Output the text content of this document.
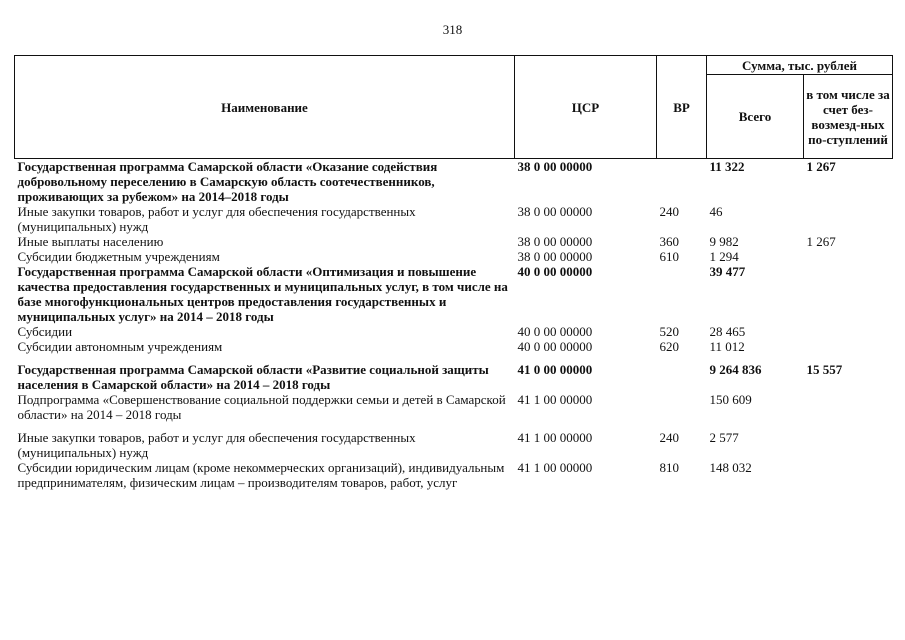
318
Наименование	ЦСР	ВР	Сумма, тыс. рублей	
			Всего	в том числе за счет без-возмезд-ных по-ступлений
Государственная программа Самарской области «Оказание содействия добровольному переселению в Самарскую область соотечественников, проживающих за рубежом» на 2014–2018 годы	38 0 00 00000		11 322	1 267
Иные закупки товаров, работ и услуг для обеспечения государственных (муниципальных) нужд	38 0 00 00000	240	46	
Иные выплаты населению	38 0 00 00000	360	9 982	1 267
Субсидии бюджетным учреждениям	38 0 00 00000	610	1 294	
Государственная программа Самарской области «Оптимизация и повышение качества предоставления государственных и муниципальных услуг, в том числе на базе многофункциональных центров предоставления государственных и муниципальных услуг» на 2014 – 2018 годы	40 0 00 00000		39 477	
Субсидии	40 0 00 00000	520	28 465	
Субсидии автономным учреждениям	40 0 00 00000	620	11 012	
Государственная программа Самарской области «Развитие социальной защиты населения в Самарской области» на 2014 – 2018 годы	41 0 00 00000		9 264 836	15 557
Подпрограмма «Совершенствование социальной поддержки семьи и детей в Самарской области» на 2014 – 2018 годы	41 1 00 00000		150 609	
Иные закупки товаров, работ и услуг для обеспечения государственных (муниципальных) нужд	41 1 00 00000	240	2 577	
Субсидии юридическим лицам (кроме некоммерческих организаций), индивидуальным предпринимателям, физическим лицам – производителям товаров, работ, услуг	41 1 00 00000	810	148 032	
